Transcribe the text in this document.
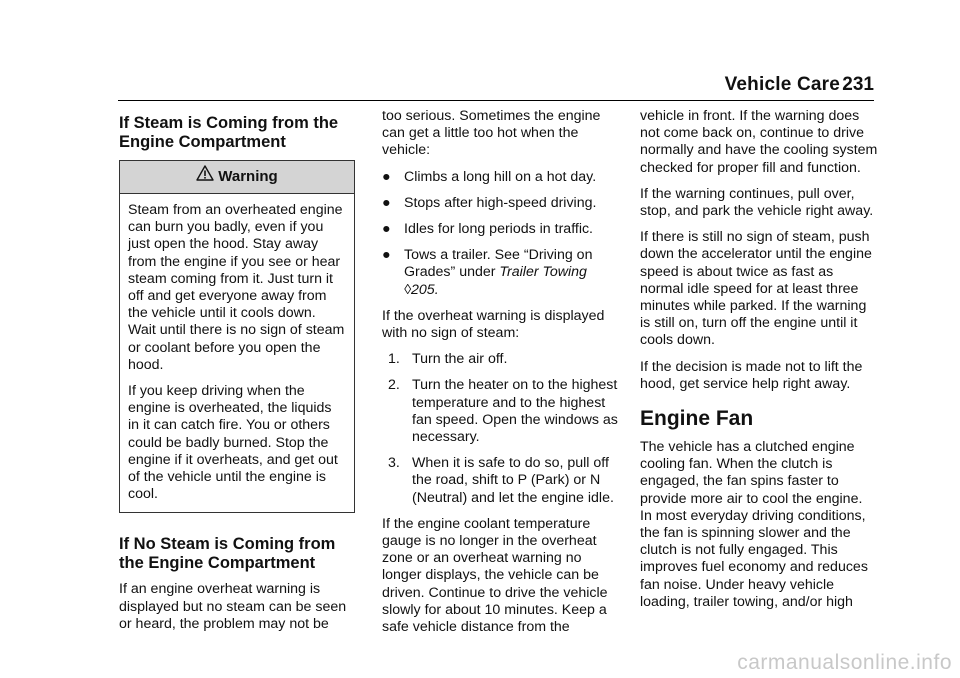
Vehicle Care 231
If Steam is Coming from the Engine Compartment
Warning

Steam from an overheated engine can burn you badly, even if you just open the hood. Stay away from the engine if you see or hear steam coming from it. Just turn it off and get everyone away from the vehicle until it cools down. Wait until there is no sign of steam or coolant before you open the hood.

If you keep driving when the engine is overheated, the liquids in it can catch fire. You or others could be badly burned. Stop the engine if it overheats, and get out of the vehicle until the engine is cool.

If No Steam is Coming from the Engine Compartment

If an engine overheat warning is displayed but no steam can be seen or heard, the problem may not be

too serious. Sometimes the engine can get a little too hot when the vehicle:

● Climbs a long hill on a hot day.
● Stops after high-speed driving.
● Idles for long periods in traffic.
● Tows a trailer. See “Driving on Grades” under Trailer Towing ◊205.

If the overheat warning is displayed with no sign of steam:

1. Turn the air off.
2. Turn the heater on to the highest temperature and to the highest fan speed. Open the windows as necessary.
3. When it is safe to do so, pull off the road, shift to P (Park) or N (Neutral) and let the engine idle.

If the engine coolant temperature gauge is no longer in the overheat zone or an overheat warning no longer displays, the vehicle can be driven. Continue to drive the vehicle slowly for about 10 minutes. Keep a safe vehicle distance from the

vehicle in front. If the warning does not come back on, continue to drive normally and have the cooling system checked for proper fill and function.

If the warning continues, pull over, stop, and park the vehicle right away.

If there is still no sign of steam, push down the accelerator until the engine speed is about twice as fast as normal idle speed for at least three minutes while parked. If the warning is still on, turn off the engine until it cools down.

If the decision is made not to lift the hood, get service help right away.

Engine Fan

The vehicle has a clutched engine cooling fan. When the clutch is engaged, the fan spins faster to provide more air to cool the engine. In most everyday driving conditions, the fan is spinning slower and the clutch is not fully engaged. This improves fuel economy and reduces fan noise. Under heavy vehicle loading, trailer towing, and/or high

carmanualsonline.info
